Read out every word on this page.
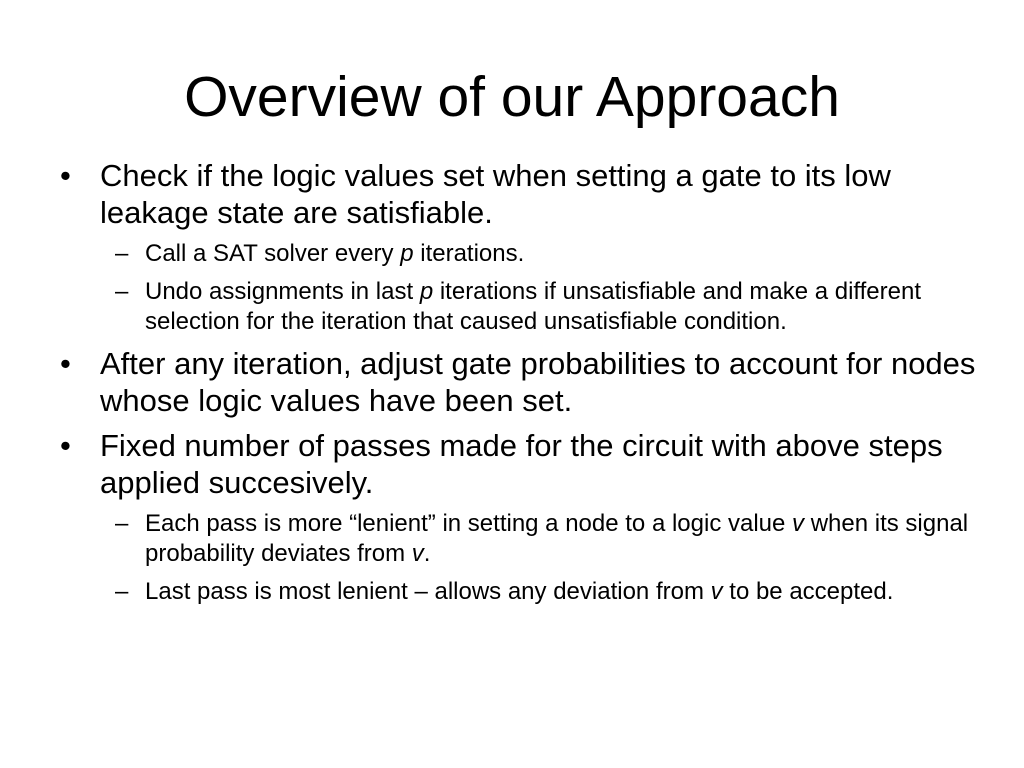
Overview of our Approach
• Check if the logic values set when setting a gate to its low leakage state are satisfiable.
– Call a SAT solver every p iterations.
– Undo assignments in last p iterations if unsatisfiable and make a different selection for the iteration that caused unsatisfiable condition.
• After any iteration, adjust gate probabilities to account for nodes whose logic values have been set.
• Fixed number of passes made for the circuit with above steps applied succesively.
– Each pass is more “lenient” in setting a node to a logic value v when its signal probability deviates from v.
– Last pass is most lenient – allows any deviation from v to be accepted.
